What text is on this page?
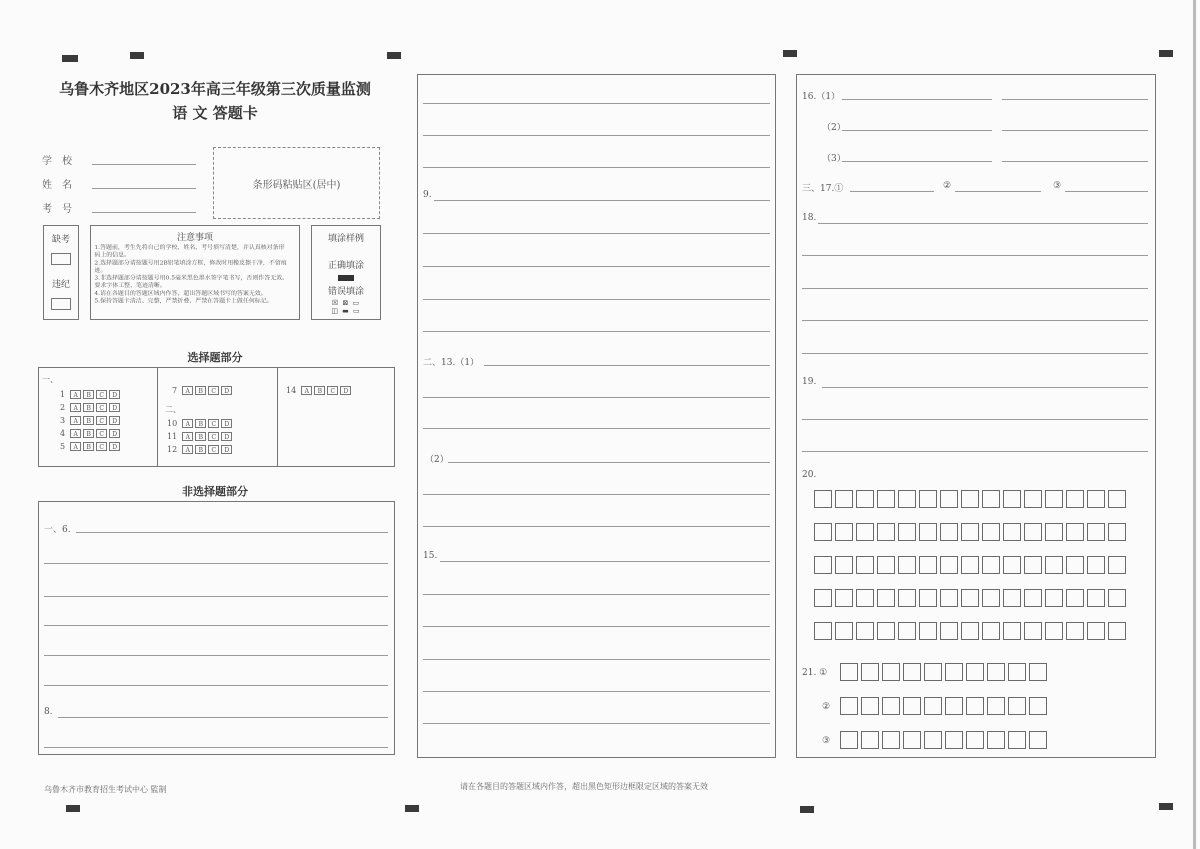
乌鲁木齐地区2023年高三年级第三次质量监测
语 文 答题卡
学　校
姓　名
考　号
条形码粘贴区(居中)
缺考
违纪
注意事项
1.答题前，考生先将自己的学校、姓名、考号填写清楚，并认真核对条形码上的信息。
2.选择题部分请按题号用2B铅笔填涂方框，修改时用橡皮擦干净，不留痕迹。
3.非选择题部分请按题号用0.5毫米黑色墨水签字笔书写，否则作答无效。要求字体工整、笔迹清晰。
4.请在各题目的答题区域内作答，超出答题区域书写的答案无效。
5.保持答题卡清洁、完整，严禁折叠、严禁在答题卡上做任何标记。
填涂样例
正确填涂
错误填涂
☒ ⊠ ▭
◫ ▬ ▭
选择题部分
一、
1 A B C D
2 A B C D
3 A B C D
4 A B C D
5 A B C D
7 A B C D
二、
10 A B C D
11 A B C D
12 A B C D
14 A B C D
非选择题部分
一、6.
8.
9.
二、13.（1）
（2）
15.
16.（1）
（2）
（3）
三、17.①	②	③
18.
19.
20.
21. ①
②
③
乌鲁木齐市教育招生考试中心 監制	请在各题目的答题区域内作答，超出黑色矩形边框限定区域的答案无效
